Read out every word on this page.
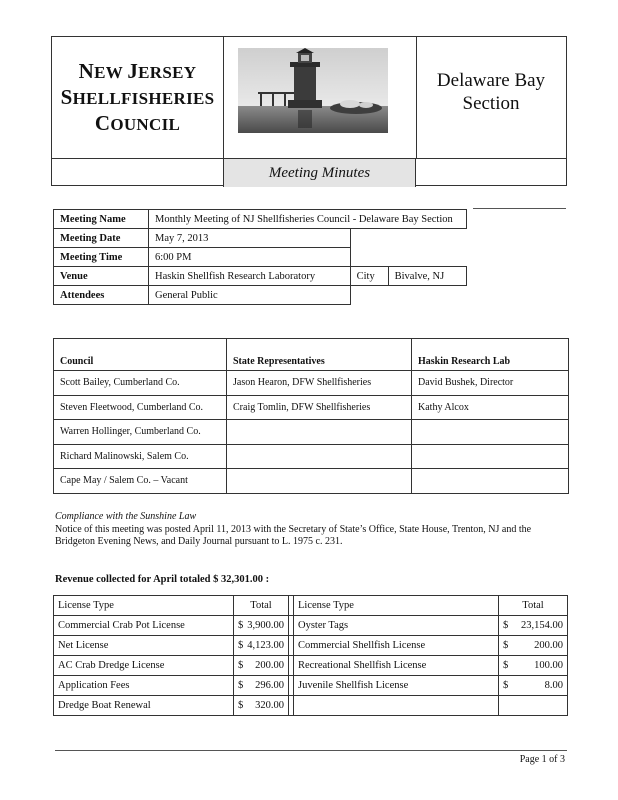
NEW JERSEY
SHELLFISHERIES
COUNCIL
Delaware Bay Section
Meeting Minutes
Meeting Name	Monthly Meeting of NJ Shellfisheries Council - Delaware Bay Section		
Meeting Date	May 7, 2013		
Meeting Time	6:00 PM		
Venue	Haskin Shellfish Research Laboratory	City	Bivalve, NJ
Attendees	General Public		
Council	State Representatives	Haskin Research Lab
Scott Bailey, Cumberland Co.	Jason Hearon, DFW Shellfisheries	David Bushek, Director
Steven Fleetwood, Cumberland Co.	Craig Tomlin, DFW Shellfisheries	Kathy Alcox
Warren Hollinger, Cumberland Co.		
Richard Malinowski, Salem Co.		
Cape May / Salem Co. – Vacant		
Compliance with the Sunshine Law
Notice of this meeting was posted April 11, 2013 with the Secretary of State’s Office, State House, Trenton, NJ and the
Bridgeton Evening News, and Daily Journal pursuant to L. 1975 c. 231.
Revenue collected for April totaled $ 32,301.00 :
License Type	Total		License Type	Total
Commercial Crab Pot License	$ 3,900.00		Oyster Tags	$ 23,154.00

Net License	$ 4,123.00		Commercial Shellfish License	$ 200.00

AC Crab Dredge License	$ 200.00		Recreational Shellfish License	$ 100.00

Application Fees	$ 296.00		Juvenile Shellfish License	$ 8.00

Dredge Boat Renewal	$ 320.00			

Page 1 of 3
